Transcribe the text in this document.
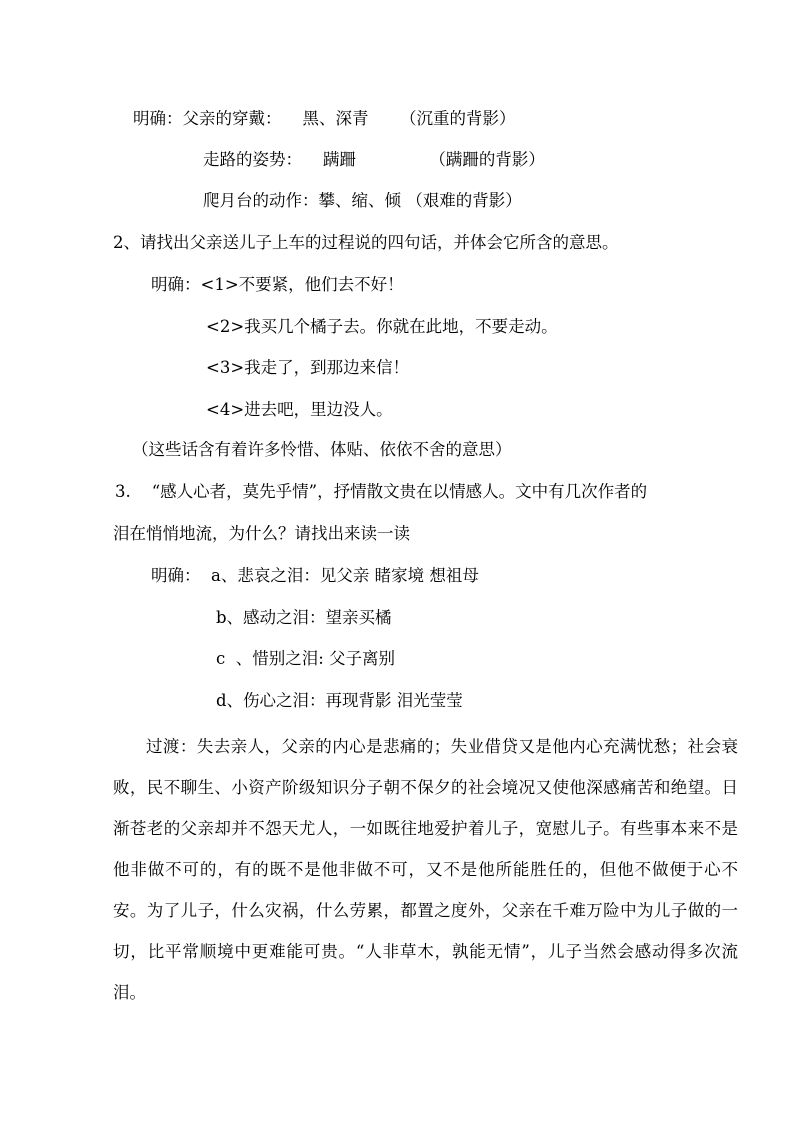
明确：父亲的穿戴：    黑、深青      （沉重的背影）
走路的姿势：    蹒跚              （蹒跚的背影）
爬月台的动作：攀、缩、倾 （艰难的背影）
2、请找出父亲送儿子上车的过程说的四句话，并体会它所含的意思。
明确：<1>不要紧，他们去不好！
<2>我买几个橘子去。你就在此地，不要走动。
<3>我走了，到那边来信！
<4>进去吧，里边没人。
（这些话含有着许多怜惜、体贴、依依不舍的意思）
3.    “感人心者，莫先乎情”，抒情散文贵在以情感人。文中有几次作者的
泪在悄悄地流，为什么？请找出来读一读
明确：  a、悲哀之泪：见父亲 睹家境 想祖母
b、感动之泪：望亲买橘
c  、惜别之泪: 父子离别
d、伤心之泪：再现背影 泪光莹莹

过渡：失去亲人，父亲的内心是悲痛的；失业借贷又是他内心充满忧愁；社会衰败，民不聊生、小资产阶级知识分子朝不保夕的社会境况又使他深感痛苦和绝望。日渐苍老的父亲却并不怨天尤人，一如既往地爱护着儿子，宽慰儿子。有些事本来不是他非做不可的，有的既不是他非做不可，又不是他所能胜任的，但他不做便于心不安。为了儿子，什么灾祸，什么劳累，都置之度外，父亲在千难万险中为儿子做的一切，比平常顺境中更难能可贵。“人非草木，孰能无情”，儿子当然会感动得多次流泪。
